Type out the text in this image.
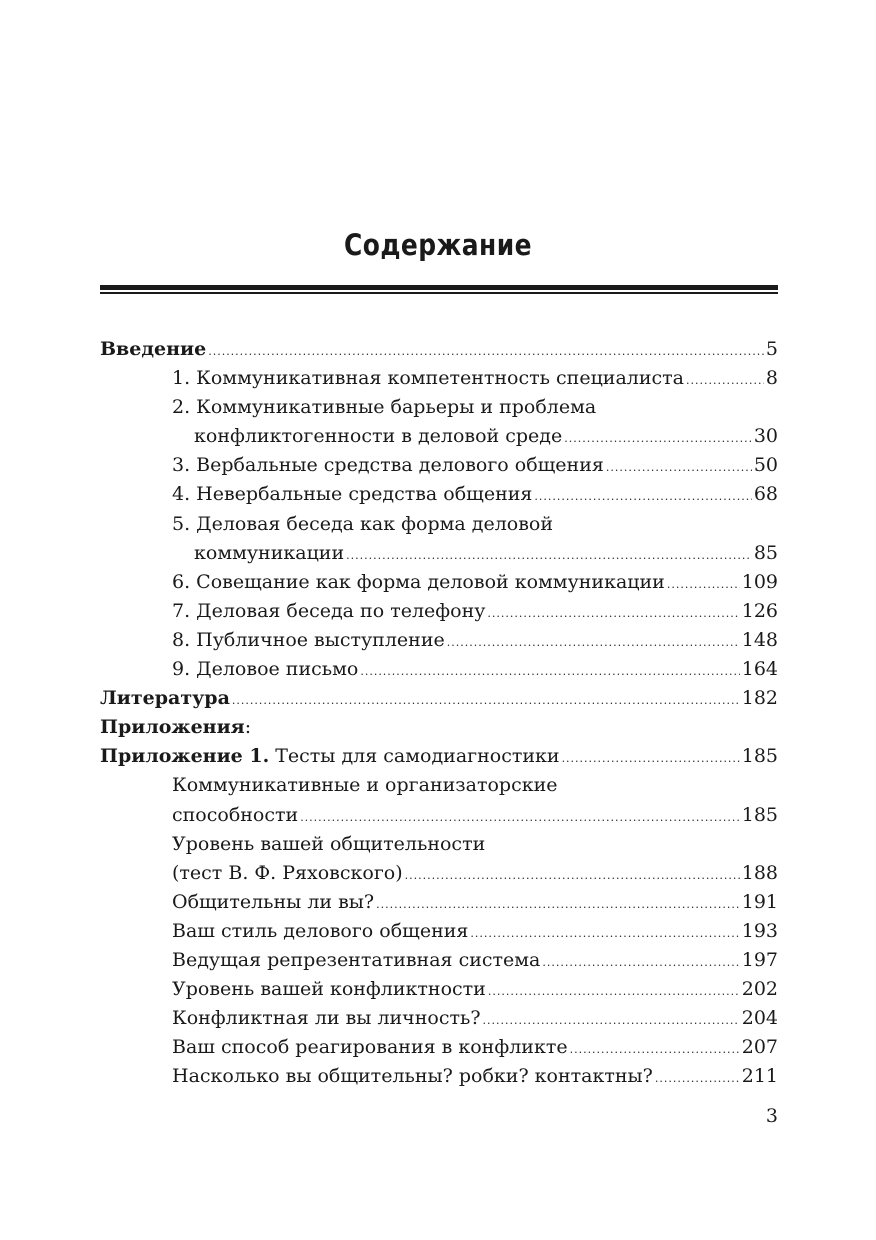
Содержание
Введение .....	5
1. Коммуникативная компетентность специалиста .....	8
2. Коммуникативные барьеры и проблема
конфликтогенности в деловой среде .....	30
3. Вербальные средства делового общения .....	50
4. Невербальные средства общения .....	68
5. Деловая беседа как форма деловой
коммуникации .....	85
6. Совещание как форма деловой коммуникации .....	109
7. Деловая беседа по телефону .....	126
8. Публичное выступление .....	148
9. Деловое письмо .....	164
Литература .....	182
Приложения :
Приложение 1. Тесты для самодиагностики .....	185
Коммуникативные и организаторские
способности .....	185
Уровень вашей общительности
(тест В. Ф. Ряховского) .....	188
Общительны ли вы? .....	191
Ваш стиль делового общения .....	193
Ведущая репрезентативная система .....	197
Уровень вашей конфликтности .....	202
Конфликтная ли вы личность? .....	204
Ваш способ реагирования в конфликте .....	207
Насколько вы общительны? робки? контактны? .....	211
3
